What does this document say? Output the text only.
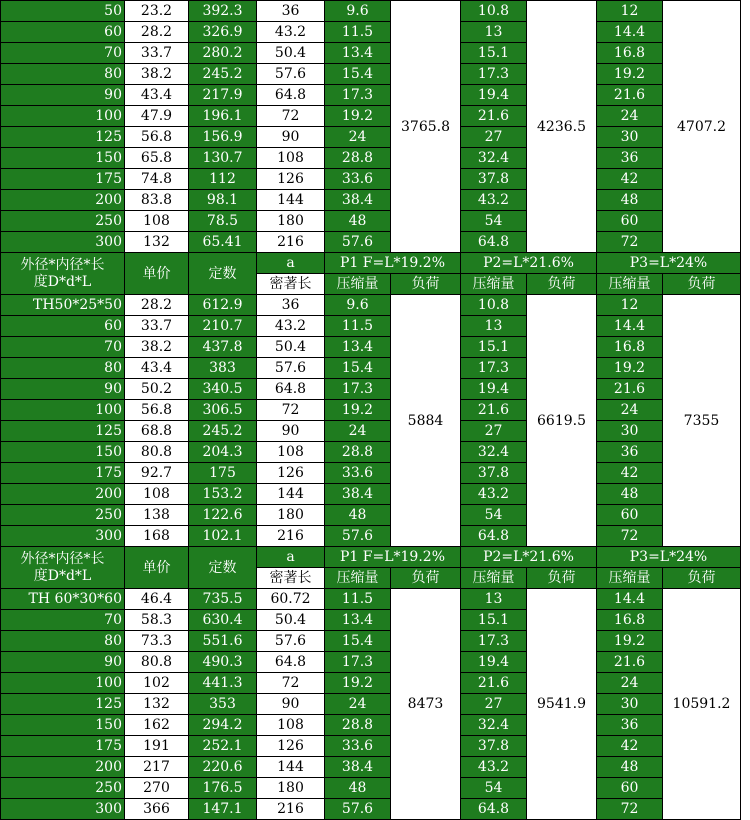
50	23.2	392.3	36	9.6	3765.8	10.8	4236.5	12	4707.2
60	28.2	326.9	43.2	11.5		13		14.4	
70	33.7	280.2	50.4	13.4		15.1		16.8	
80	38.2	245.2	57.6	15.4		17.3		19.2	
90	43.4	217.9	64.8	17.3		19.4		21.6	
100	47.9	196.1	72	19.2		21.6		24	
125	56.8	156.9	90	24		27		30	
150	65.8	130.7	108	28.8		32.4		36	
175	74.8	112	126	33.6		37.8		42	
200	83.8	98.1	144	38.4		43.2		48	
250	108	78.5	180	48		54		60	
300	132	65.41	216	57.6		64.8		72	
外径*内径*长
度D*d*L	单价	定数	a	P1 F=L*19.2%		P2=L*21.6%		P3=L*24%	
			密著长	压缩量	负荷	压缩量	负荷	压缩量	负荷
TH50*25*50	28.2	612.9	36	9.6	5884	10.8	6619.5	12	7355
60	33.7	210.7	43.2	11.5		13		14.4	
70	38.2	437.8	50.4	13.4		15.1		16.8	
80	43.4	383	57.6	15.4		17.3		19.2	
90	50.2	340.5	64.8	17.3		19.4		21.6	
100	56.8	306.5	72	19.2		21.6		24	
125	68.8	245.2	90	24		27		30	
150	80.8	204.3	108	28.8		32.4		36	
175	92.7	175	126	33.6		37.8		42	
200	108	153.2	144	38.4		43.2		48	
250	138	122.6	180	48		54		60	
300	168	102.1	216	57.6		64.8		72	
外径*内径*长
度D*d*L	单价	定数	a	P1 F=L*19.2%		P2=L*21.6%		P3=L*24%	
			密著长	压缩量	负荷	压缩量	负荷	压缩量	负荷
TH 60*30*60	46.4	735.5	60.72	11.5	8473	13	9541.9	14.4	10591.2
70	58.3	630.4	50.4	13.4		15.1		16.8	
80	73.3	551.6	57.6	15.4		17.3		19.2	
90	80.8	490.3	64.8	17.3		19.4		21.6	
100	102	441.3	72	19.2		21.6		24	
125	132	353	90	24		27		30	
150	162	294.2	108	28.8		32.4		36	
175	191	252.1	126	33.6		37.8		42	
200	217	220.6	144	38.4		43.2		48	
250	270	176.5	180	48		54		60	
300	366	147.1	216	57.6		64.8		72	
